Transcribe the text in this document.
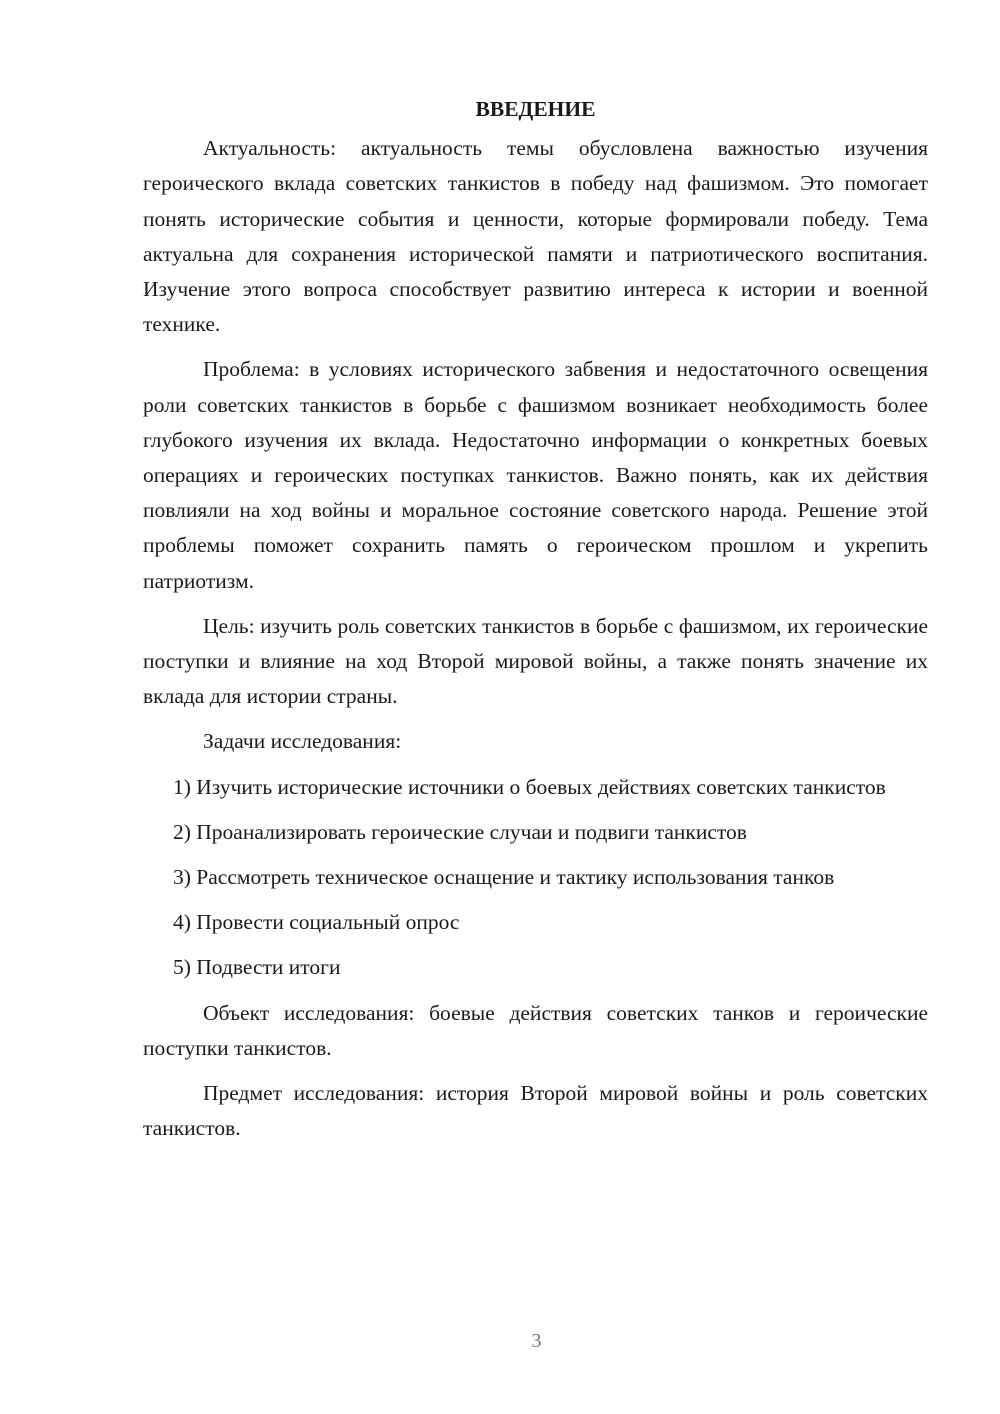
ВВЕДЕНИЕ

Актуальность: актуальность темы обусловлена важностью изучения героического вклада советских танкистов в победу над фашизмом. Это помогает понять исторические события и ценности, которые формировали победу. Тема актуальна для сохранения исторической памяти и патриотического воспитания. Изучение этого вопроса способствует развитию интереса к истории и военной технике.

Проблема: в условиях исторического забвения и недостаточного освещения роли советских танкистов в борьбе с фашизмом возникает необходимость более глубокого изучения их вклада. Недостаточно информации о конкретных боевых операциях и героических поступках танкистов. Важно понять, как их действия повлияли на ход войны и моральное состояние советского народа. Решение этой проблемы поможет сохранить память о героическом прошлом и укрепить патриотизм.

Цель: изучить роль советских танкистов в борьбе с фашизмом, их героические поступки и влияние на ход Второй мировой войны, а также понять значение их вклада для истории страны.

Задачи исследования:

1) Изучить исторические источники о боевых действиях советских танкистов

2) Проанализировать героические случаи и подвиги танкистов

3) Рассмотреть техническое оснащение и тактику использования танков

4) Провести социальный опрос

5) Подвести итоги

Объект исследования: боевые действия советских танков и героические поступки танкистов.

Предмет исследования: история Второй мировой войны и роль советских танкистов.

3
